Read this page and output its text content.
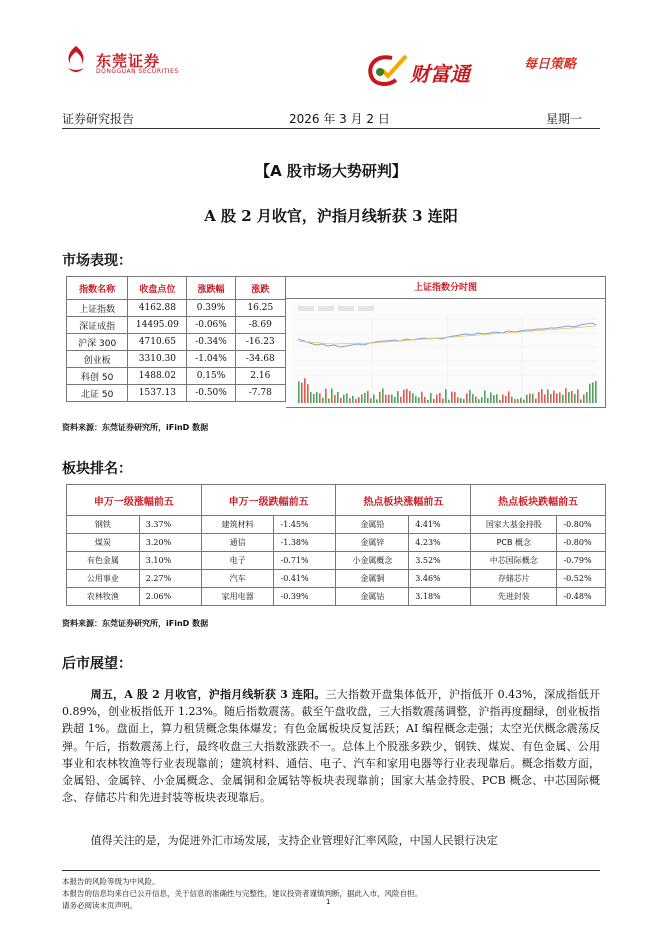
东莞证券
DONGGUAN SECURITIES	财富通	每日策略
证券研究报告	2026 年 3 月 2 日	星期一
【A 股市场大势研判】
A 股 2 月收官，沪指月线斩获 3 连阳
市场表现：
指数名称	收盘点位	涨跌幅	涨跌
上证指数	4162.88	0.39%	16.25
深证成指	14495.09	-0.06%	-8.69
沪深 300	4710.65	-0.34%	-16.23
创业板	3310.30	-1.04%	-34.68
科创 50	1488.02	0.15%	2.16
北证 50	1537.13	-0.50%	-7.78
上证指数分时图
资料来源：东莞证券研究所，iFinD 数据
板块排名：
申万一级涨幅前五		申万一级跌幅前五		热点板块涨幅前五		热点板块跌幅前五	
钢铁	3.37%	建筑材料	-1.45%	金属铅	4.41%	国家大基金持股	-0.80%
煤炭	3.20%	通信	-1.38%	金属锌	4.23%	PCB 概念	-0.80%
有色金属	3.10%	电子	-0.71%	小金属概念	3.52%	中芯国际概念	-0.79%
公用事业	2.27%	汽车	-0.41%	金属铜	3.46%	存储芯片	-0.52%
农林牧渔	2.06%	家用电器	-0.39%	金属钴	3.18%	先进封装	-0.48%
资料来源：东莞证券研究所，iFinD 数据
后市展望：
周五，A 股 2 月收官，沪指月线斩获 3 连阳。三大指数开盘集体低开，沪指低开 0.43%，深成指低开 0.89%，创业板指低开 1.23%。随后指数震荡。截至午盘收盘，三大指数震荡调整，沪指再度翻绿，创业板指跌超 1%。盘面上，算力租赁概念集体爆发；有色金属板块反复活跃；AI 编程概念走强；太空光伏概念震荡反弹。午后，指数震荡上行，最终收盘三大指数涨跌不一。总体上个股涨多跌少，钢铁、煤炭、有色金属、公用事业和农林牧渔等行业表现靠前；建筑材料、通信、电子、汽车和家用电器等行业表现靠后。概念指数方面，金属铅、金属锌、小金属概念、金属铜和金属钴等板块表现靠前；国家大基金持股、PCB 概念、中芯国际概念、存储芯片和先进封装等板块表现靠后。
值得关注的是，为促进外汇市场发展，支持企业管理好汇率风险，中国人民银行决定
本报告的风险等级为中风险。
本报告的信息均来自已公开信息，关于信息的准确性与完整性，建议投资者谨慎判断，据此入市，风险自担。
请务必阅读末页声明。	1
